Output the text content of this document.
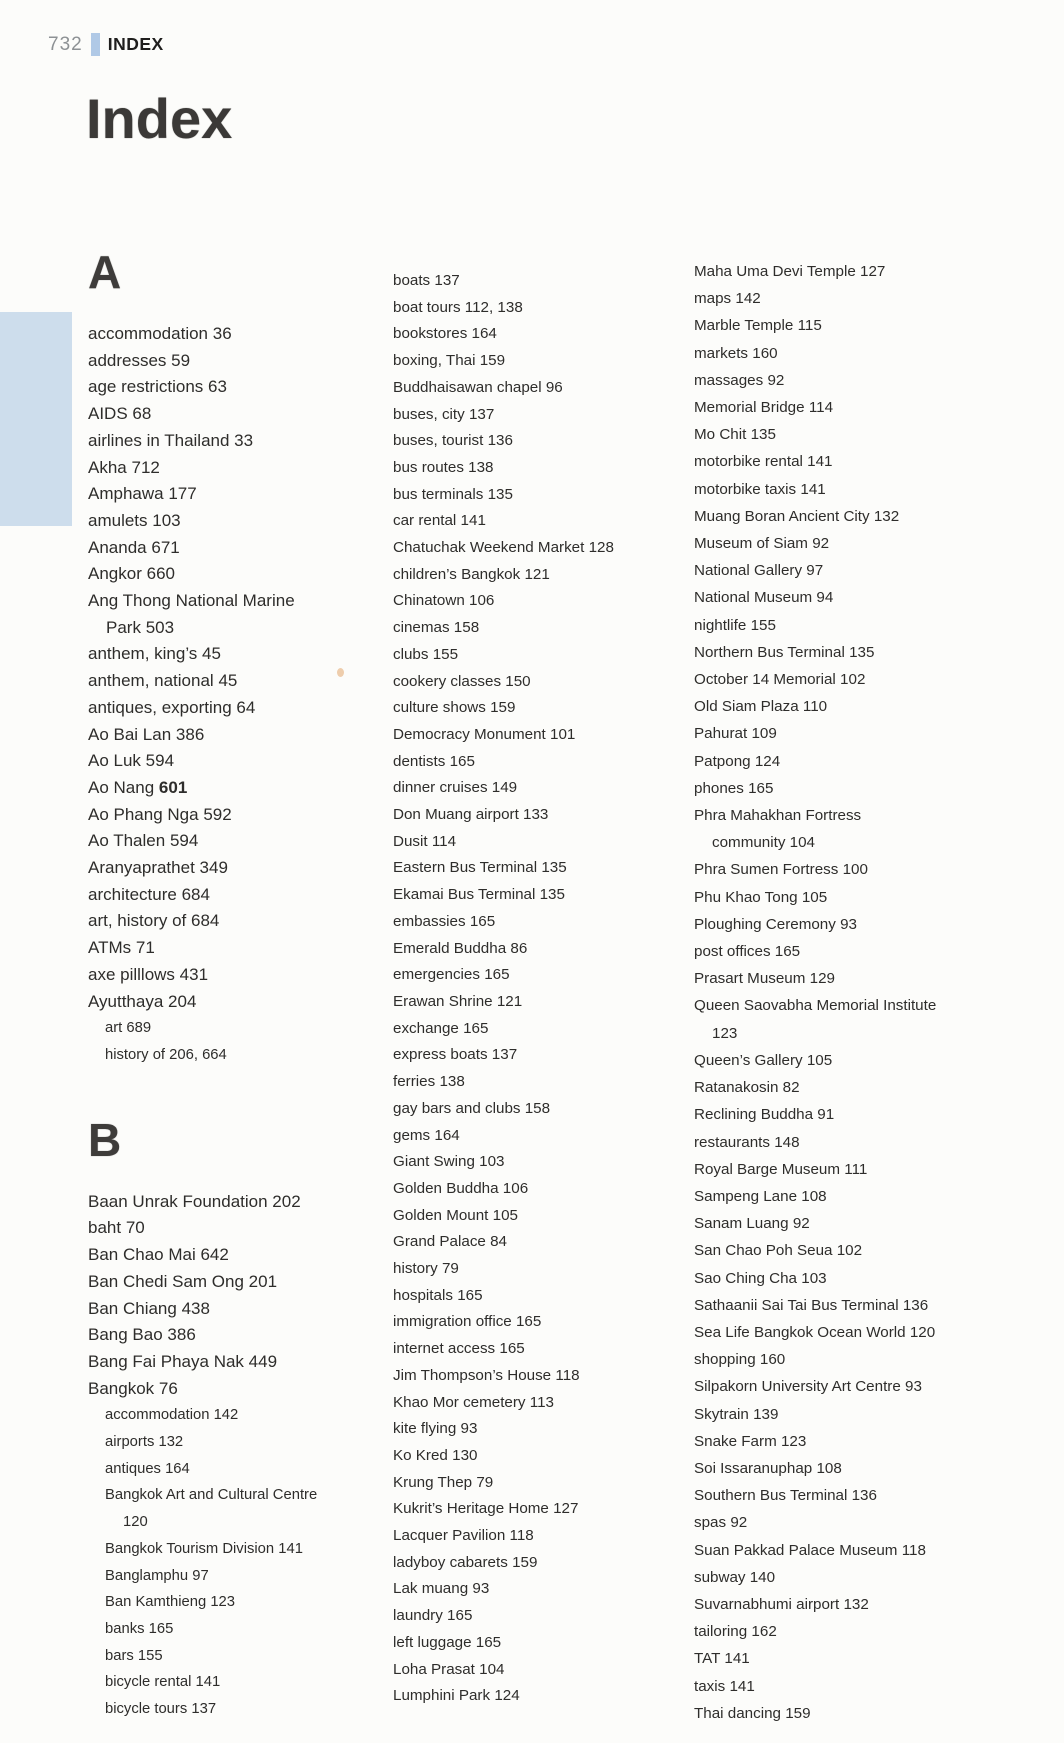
732 INDEX
Index
A
accommodation 36
addresses 59
age restrictions 63
AIDS 68
airlines in Thailand 33
Akha 712
Amphawa 177
amulets 103
Ananda 671
Angkor 660
Ang Thong National Marine
Park 503
anthem, king’s 45
anthem, national 45
antiques, exporting 64
Ao Bai Lan 386
Ao Luk 594
Ao Nang 601
Ao Phang Nga 592
Ao Thalen 594
Aranyaprathet 349
architecture 684
art, history of 684
ATMs 71
axe pilllows 431
Ayutthaya 204
art 689
history of 206, 664
B
Baan Unrak Foundation 202
baht 70
Ban Chao Mai 642
Ban Chedi Sam Ong 201
Ban Chiang 438
Bang Bao 386
Bang Fai Phaya Nak 449
Bangkok 76
accommodation 142
airports 132
antiques 164
Bangkok Art and Cultural Centre
120
Bangkok Tourism Division 141
Banglamphu 97
Ban Kamthieng 123
banks 165
bars 155
bicycle rental 141
bicycle tours 137
boats 137
boat tours 112, 138
bookstores 164
boxing, Thai 159
Buddhaisawan chapel 96
buses, city 137
buses, tourist 136
bus routes 138
bus terminals 135
car rental 141
Chatuchak Weekend Market 128
children’s Bangkok 121
Chinatown 106
cinemas 158
clubs 155
cookery classes 150
culture shows 159
Democracy Monument 101
dentists 165
dinner cruises 149
Don Muang airport 133
Dusit 114
Eastern Bus Terminal 135
Ekamai Bus Terminal 135
embassies 165
Emerald Buddha 86
emergencies 165
Erawan Shrine 121
exchange 165
express boats 137
ferries 138
gay bars and clubs 158
gems 164
Giant Swing 103
Golden Buddha 106
Golden Mount 105
Grand Palace 84
history 79
hospitals 165
immigration office 165
internet access 165
Jim Thompson’s House 118
Khao Mor cemetery 113
kite flying 93
Ko Kred 130
Krung Thep 79
Kukrit’s Heritage Home 127
Lacquer Pavilion 118
ladyboy cabarets 159
Lak muang 93
laundry 165
left luggage 165
Loha Prasat 104
Lumphini Park 124
Maha Uma Devi Temple 127
maps 142
Marble Temple 115
markets 160
massages 92
Memorial Bridge 114
Mo Chit 135
motorbike rental 141
motorbike taxis 141
Muang Boran Ancient City 132
Museum of Siam 92
National Gallery 97
National Museum 94
nightlife 155
Northern Bus Terminal 135
October 14 Memorial 102
Old Siam Plaza 110
Pahurat 109
Patpong 124
phones 165
Phra Mahakhan Fortress
community 104
Phra Sumen Fortress 100
Phu Khao Tong 105
Ploughing Ceremony 93
post offices 165
Prasart Museum 129
Queen Saovabha Memorial Institute
123
Queen’s Gallery 105
Ratanakosin 82
Reclining Buddha 91
restaurants 148
Royal Barge Museum 111
Sampeng Lane 108
Sanam Luang 92
San Chao Poh Seua 102
Sao Ching Cha 103
Sathaanii Sai Tai Bus Terminal 136
Sea Life Bangkok Ocean World 120
shopping 160
Silpakorn University Art Centre 93
Skytrain 139
Snake Farm 123
Soi Issaranuphap 108
Southern Bus Terminal 136
spas 92
Suan Pakkad Palace Museum 118
subway 140
Suvarnabhumi airport 132
tailoring 162
TAT 141
taxis 141
Thai dancing 159
